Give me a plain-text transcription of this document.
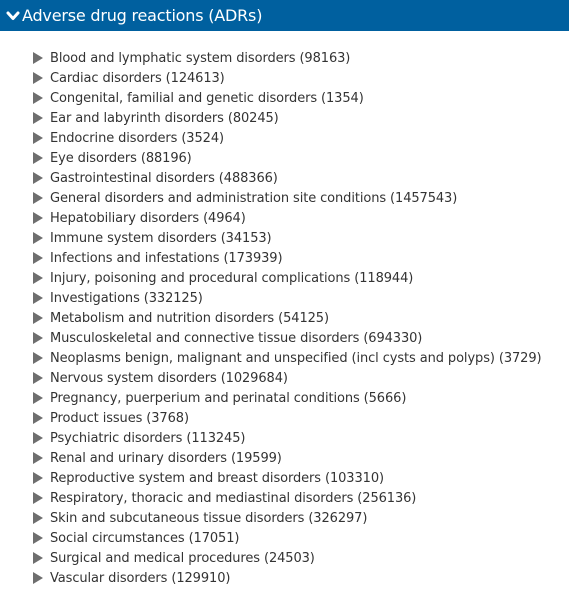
Adverse drug reactions (ADRs)
Blood and lymphatic system disorders (98163)
Cardiac disorders (124613)
Congenital, familial and genetic disorders (1354)
Ear and labyrinth disorders (80245)
Endocrine disorders (3524)
Eye disorders (88196)
Gastrointestinal disorders (488366)
General disorders and administration site conditions (1457543)
Hepatobiliary disorders (4964)
Immune system disorders (34153)
Infections and infestations (173939)
Injury, poisoning and procedural complications (118944)
Investigations (332125)
Metabolism and nutrition disorders (54125)
Musculoskeletal and connective tissue disorders (694330)
Neoplasms benign, malignant and unspecified (incl cysts and polyps) (3729)
Nervous system disorders (1029684)
Pregnancy, puerperium and perinatal conditions (5666)
Product issues (3768)
Psychiatric disorders (113245)
Renal and urinary disorders (19599)
Reproductive system and breast disorders (103310)
Respiratory, thoracic and mediastinal disorders (256136)
Skin and subcutaneous tissue disorders (326297)
Social circumstances (17051)
Surgical and medical procedures (24503)
Vascular disorders (129910)
